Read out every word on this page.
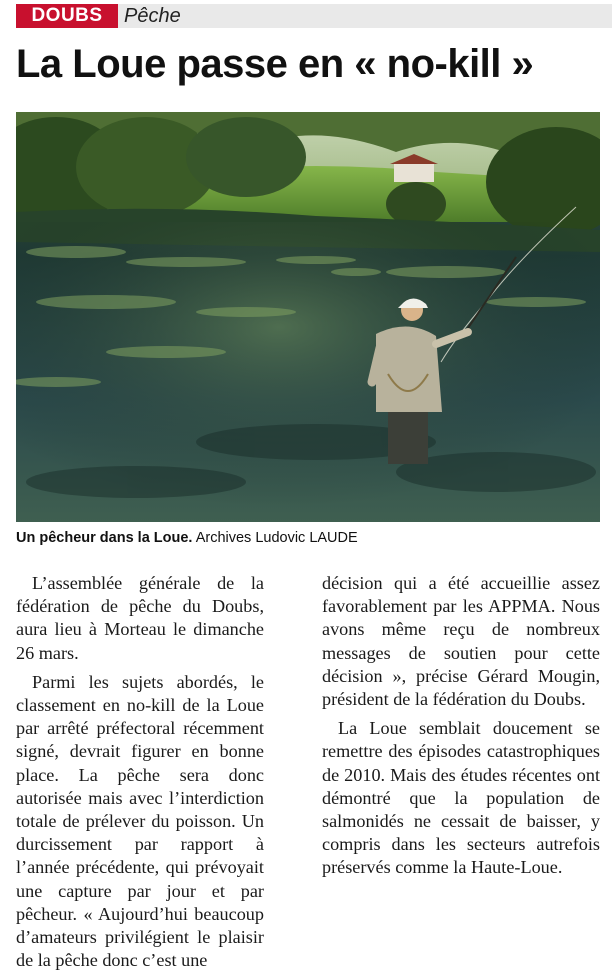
DOUBS	Pêche
La Loue passe en « no-kill »
Un pêcheur dans la Loue. Archives Ludovic LAUDE

L’assemblée générale de la fédération de pêche du Doubs, aura lieu à Morteau le dimanche 26 mars.

Parmi les sujets abordés, le classement en no-kill de la Loue par arrêté préfectoral récemment signé, devrait figurer en bonne place. La pêche sera donc autorisée mais avec l’interdiction totale de prélever du poisson. Un durcissement par rapport à l’année précédente, qui prévoyait une capture par jour et par pêcheur. « Aujourd’hui beaucoup d’amateurs privilégient le plaisir de la pêche donc c’est une

décision qui a été accueillie assez favorablement par les APPMA. Nous avons même reçu de nombreux messages de soutien pour cette décision », précise Gérard Mougin, président de la fédération du Doubs.

La Loue semblait doucement se remettre des épisodes catastrophiques de 2010. Mais des études récentes ont démontré que la population de salmonidés ne cessait de baisser, y compris dans les secteurs autrefois préservés comme la Haute-Loue.
